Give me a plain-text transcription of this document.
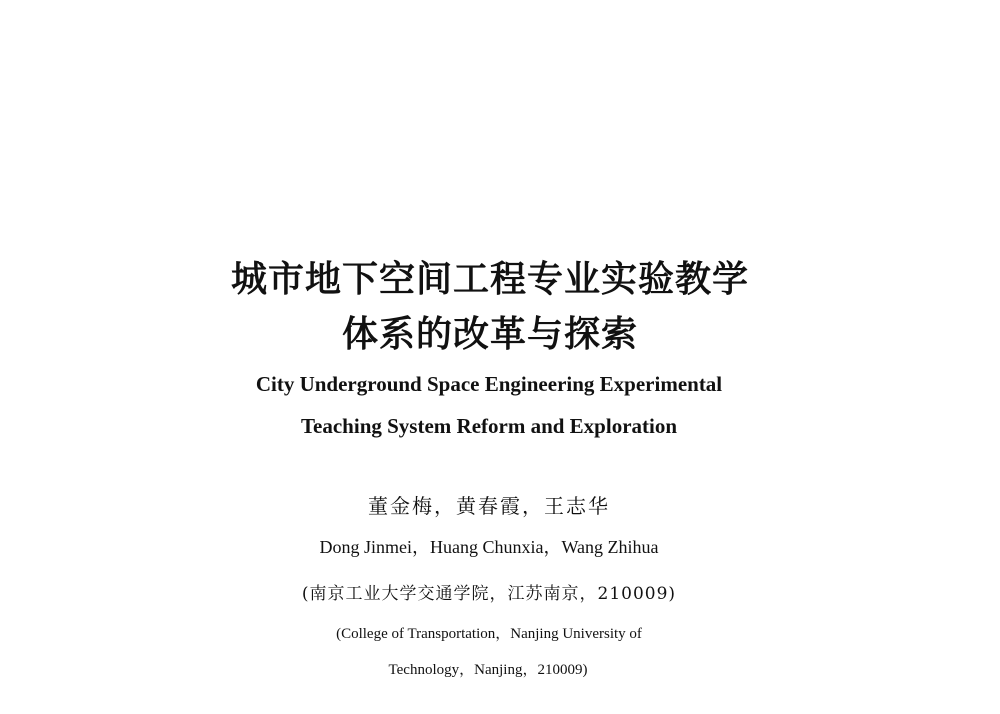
城市地下空间工程专业实验教学
体系的改革与探索
City Underground Space Engineering Experimental
Teaching System Reform and Exploration
董金梅，黄春霞，王志华
Dong Jinmei，Huang Chunxia，Wang Zhihua
(南京工业大学交通学院，江苏南京，210009)
(College of Transportation，Nanjing University of
Technology，Nanjing，210009)
